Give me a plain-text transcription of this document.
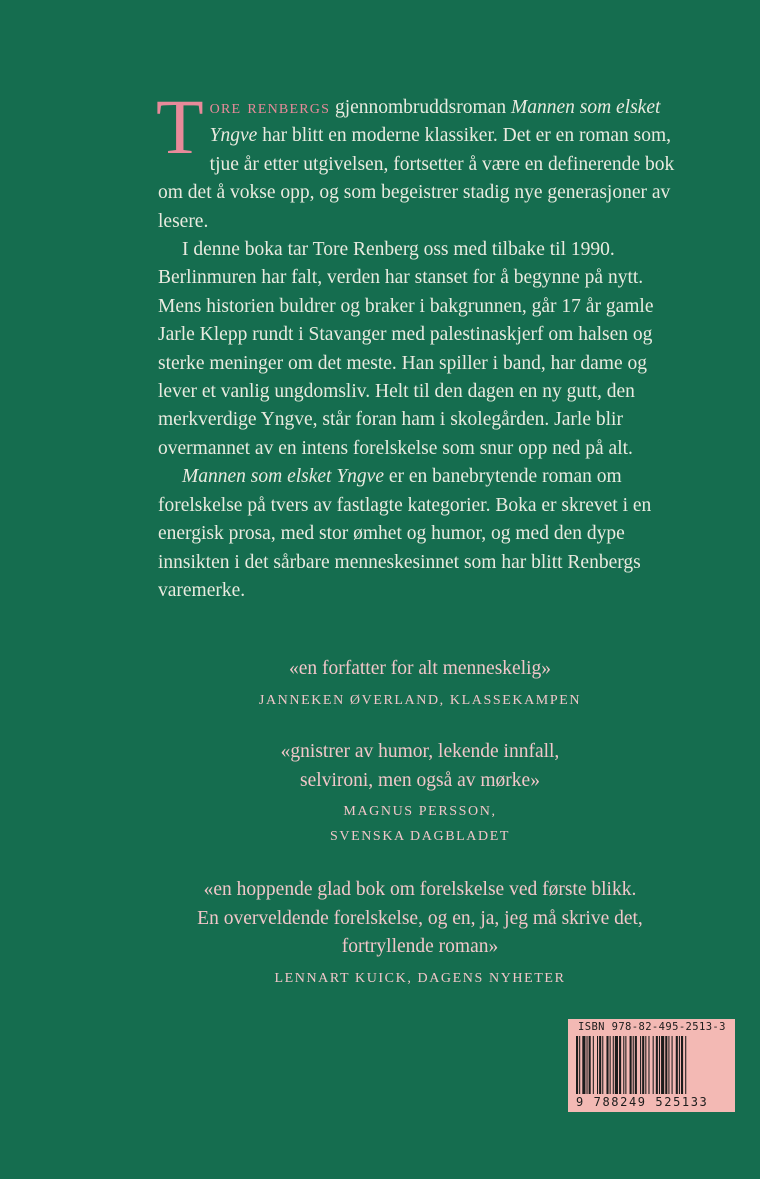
Tore renbergs gjennombruddsroman Mannen som elsket Yngve har blitt en moderne klassiker. Det er en roman som, tjue år etter utgivelsen, fortsetter å være en definerende bok om det å vokse opp, og som begeistrer stadig nye generasjoner av lesere.

I denne boka tar Tore Renberg oss med tilbake til 1990. Berlinmuren har falt, verden har stanset for å begynne på nytt. Mens historien buldrer og braker i bakgrunnen, går 17 år gamle Jarle Klepp rundt i Stavanger med palestinaskjerf om halsen og sterke meninger om det meste. Han spiller i band, har dame og lever et vanlig ungdomsliv. Helt til den dagen en ny gutt, den merkverdige Yngve, står foran ham i skolegården. Jarle blir overmannet av en intens forelskelse som snur opp ned på alt.

Mannen som elsket Yngve er en banebrytende roman om forelskelse på tvers av fastlagte kategorier. Boka er skrevet i en energisk prosa, med stor ømhet og humor, og med den dype innsikten i det sårbare menneskesinnet som har blitt Renbergs varemerke.

«en forfatter for alt menneskelig»

JANNEKEN ØVERLAND, KLASSEKAMPEN

«gnistrer av humor, lekende innfall,

selvironi, men også av mørke»

MAGNUS PERSSON,

SVENSKA DAGBLADET

«en hoppende glad bok om forelskelse ved første blikk.

En overveldende forelskelse, og en, ja, jeg må skrive det,

fortryllende roman»

LENNART KUICK, DAGENS NYHETER

ISBN 978-82-495-2513-3
9 788249 525133
